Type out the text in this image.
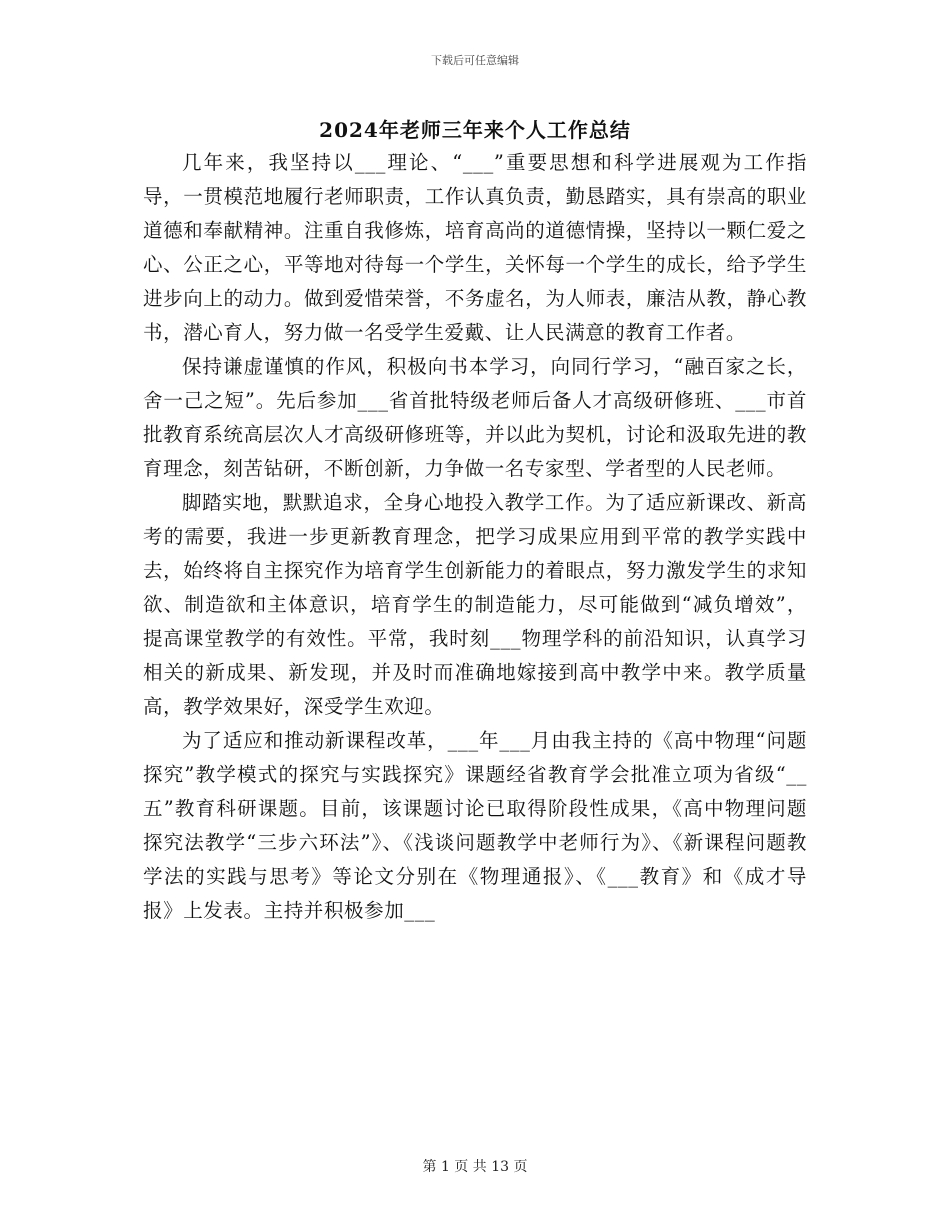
下载后可任意编辑
2024年老师三年来个人工作总结

几年来，我坚持以___理论、“___”重要思想和科学进展观为工作指导，一贯模范地履行老师职责，工作认真负责，勤恳踏实，具有崇高的职业道德和奉献精神。注重自我修炼，培育高尚的道德情操，坚持以一颗仁爱之心、公正之心，平等地对待每一个学生，关怀每一个学生的成长，给予学生进步向上的动力。做到爱惜荣誉，不务虚名，为人师表，廉洁从教，静心教书，潜心育人，努力做一名受学生爱戴、让人民满意的教育工作者。

保持谦虚谨慎的作风，积极向书本学习，向同行学习，“融百家之长，舍一己之短”。先后参加___省首批特级老师后备人才高级研修班、___市首批教育系统高层次人才高级研修班等，并以此为契机，讨论和汲取先进的教育理念，刻苦钻研，不断创新，力争做一名专家型、学者型的人民老师。

脚踏实地，默默追求，全身心地投入教学工作。为了适应新课改、新高考的需要，我进一步更新教育理念，把学习成果应用到平常的教学实践中去，始终将自主探究作为培育学生创新能力的着眼点，努力激发学生的求知欲、制造欲和主体意识，培育学生的制造能力，尽可能做到“减负增效”，提高课堂教学的有效性。平常，我时刻___物理学科的前沿知识，认真学习相关的新成果、新发现，并及时而准确地嫁接到高中教学中来。教学质量高，教学效果好，深受学生欢迎。

为了适应和推动新课程改革，___年___月由我主持的《高中物理“问题探究”教学模式的探究与实践探究》课题经省教育学会批准立项为省级“__五”教育科研课题。目前，该课题讨论已取得阶段性成果，《高中物理问题探究法教学“三步六环法”》、《浅谈问题教学中老师行为》、《新课程问题教学法的实践与思考》等论文分别在《物理通报》、《___教育》和《成才导报》上发表。主持并积极参加___

第 1 页 共 13 页
